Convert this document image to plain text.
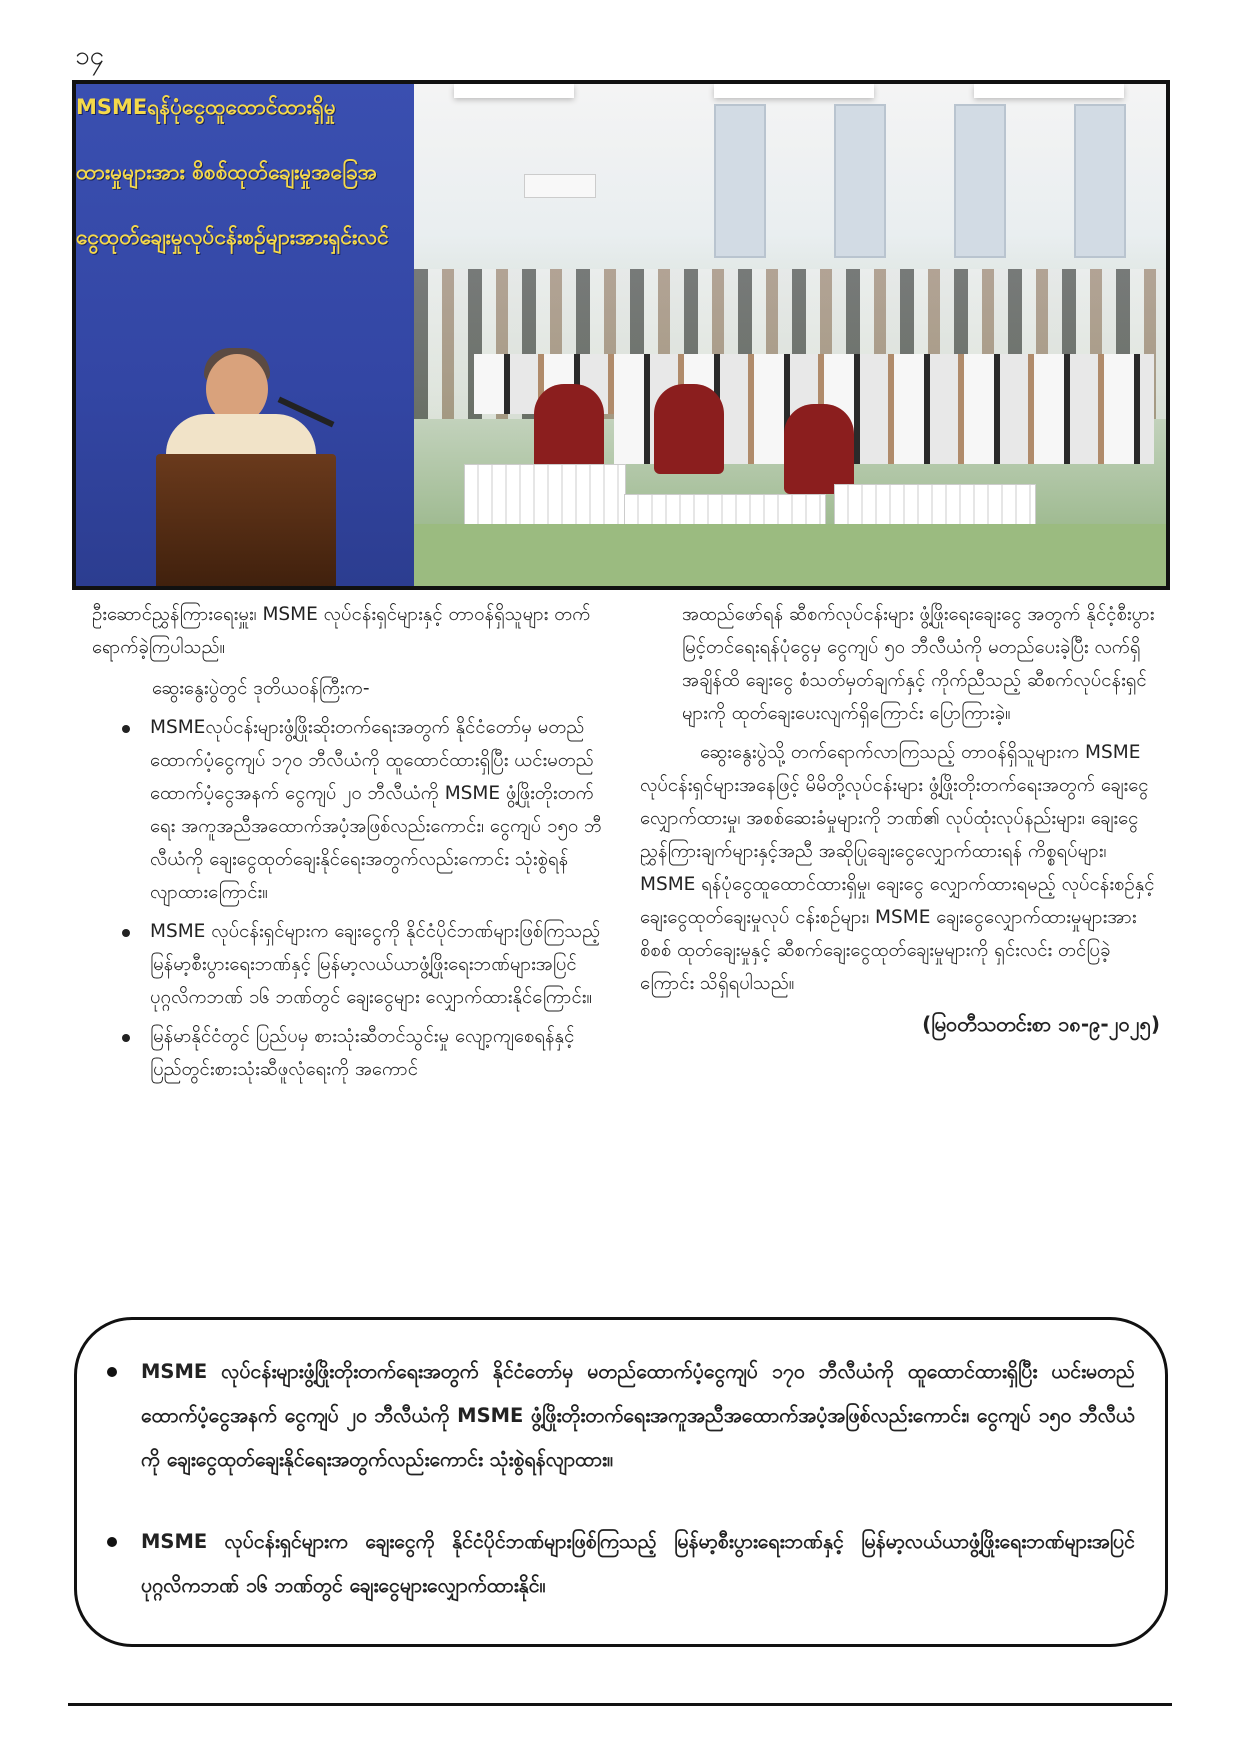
၁၄
MSMEရန်ပုံငွေထူထောင်ထားရှိမှု
ထားမှုများအား စိစစ်ထုတ်ချေးမှုအခြေအ
ငွေထုတ်ချေးမှုလုပ်ငန်းစဉ်များအားရှင်းလင်

ဦးဆောင်ညွှန်ကြားရေးမှူး၊ MSME လုပ်ငန်းရှင်များနှင့် တာဝန်ရှိသူများ တက်ရောက်ခဲ့ကြပါသည်။

ဆွေးနွေးပွဲတွင် ဒုတိယဝန်ကြီးက-

MSMEလုပ်ငန်းများဖွံ့ဖြိုးဆိုးတက်ရေးအတွက် နိုင်ငံတော်မှ မတည်ထောက်ပံ့ငွေကျပ် ၁၇၀ ဘီလီယံကို ထူထောင်ထားရှိပြီး ယင်းမတည်ထောက်ပံ့ငွေအနက် ငွေကျပ် ၂၀ ဘီလီယံကို MSME ဖွံ့ဖြိုးတိုးတက်ရေး အကူအညီအထောက်အပံ့အဖြစ်လည်းကောင်း၊ ငွေကျပ် ၁၅၀ ဘီလီယံကို ချေးငွေထုတ်ချေးနိုင်ရေးအတွက်လည်းကောင်း သုံးစွဲရန်လျာထားကြောင်း။
MSME လုပ်ငန်းရှင်များက ချေးငွေကို နိုင်ငံပိုင်ဘဏ်များဖြစ်ကြသည့် မြန်မာ့စီးပွားရေးဘဏ်နှင့် မြန်မာ့လယ်ယာဖွံ့ဖြိုးရေးဘဏ်များအပြင် ပုဂ္ဂလိကဘဏ် ၁၆ ဘဏ်တွင် ချေးငွေများ လျှောက်ထားနိုင်ကြောင်း။
မြန်မာနိုင်ငံတွင် ပြည်ပမှ စားသုံးဆီတင်သွင်းမှု လျော့ကျစေရန်နှင့် ပြည်တွင်းစားသုံးဆီဖူလုံရေးကို အကောင်

အထည်ဖော်ရန် ဆီစက်လုပ်ငန်းများ ဖွံ့ဖြိုးရေးချေးငွေ အတွက် နိုင်ငံ့စီးပွားမြင့်တင်ရေးရန်ပုံငွေမှ ငွေကျပ် ၅၀ ဘီလီယံကို မတည်ပေးခဲ့ပြီး လက်ရှိအချိန်ထိ ချေးငွေ စံသတ်မှတ်ချက်နှင့် ကိုက်ညီသည့် ဆီစက်လုပ်ငန်းရှင် များကို ထုတ်ချေးပေးလျက်ရှိကြောင်း ပြောကြားခဲ့။

ဆွေးနွေးပွဲသို့ တက်ရောက်လာကြသည့် တာဝန်ရှိသူများက MSME လုပ်ငန်းရှင်များအနေဖြင့် မိမိတို့လုပ်ငန်းများ ဖွံ့ဖြိုးတိုးတက်ရေးအတွက် ချေးငွေလျှောက်ထားမှု၊ အစစ်ဆေးခံမှုများကို ဘဏ်၏ လုပ်ထုံးလုပ်နည်းများ၊ ချေးငွေ ညွှန်ကြားချက်များနှင့်အညီ အဆိုပြုချေးငွေလျှောက်ထားရန် ကိစ္စရပ်များ၊ MSME ရန်ပုံငွေထူထောင်ထားရှိမှု၊ ချေးငွေ လျှောက်ထားရမည့် လုပ်ငန်းစဉ်နှင့် ချေးငွေထုတ်ချေးမှုလုပ် ငန်းစဉ်များ၊ MSME ချေးငွေလျှောက်ထားမှုများအား စိစစ် ထုတ်ချေးမှုနှင့် ဆီစက်ချေးငွေထုတ်ချေးမှုများကို ရှင်းလင်း တင်ပြခဲ့ကြောင်း သိရှိရပါသည်။

(မြဝတီသတင်းစာ ၁၈-၉-၂၀၂၅)

MSME လုပ်ငန်းများဖွံ့ဖြိုးတိုးတက်ရေးအတွက် နိုင်ငံတော်မှ မတည်ထောက်ပံ့ငွေကျပ် ၁၇၀ ဘီလီယံကို ထူထောင်ထားရှိပြီး ယင်းမတည်ထောက်ပံ့ငွေအနက် ငွေကျပ် ၂၀ ဘီလီယံကို MSME ဖွံ့ဖြိုးတိုးတက်ရေးအကူအညီအထောက်အပံ့အဖြစ်လည်းကောင်း၊ ငွေကျပ် ၁၅၀ ဘီလီယံကို ချေးငွေထုတ်ချေးနိုင်ရေးအတွက်လည်းကောင်း သုံးစွဲရန်လျာထား။
MSME လုပ်ငန်းရှင်များက ချေးငွေကို နိုင်ငံပိုင်ဘဏ်များဖြစ်ကြသည့် မြန်မာ့စီးပွားရေးဘဏ်နှင့် မြန်မာ့လယ်ယာဖွံ့ဖြိုးရေးဘဏ်များအပြင် ပုဂ္ဂလိကဘဏ် ၁၆ ဘဏ်တွင် ချေးငွေများလျှောက်ထားနိုင်။
